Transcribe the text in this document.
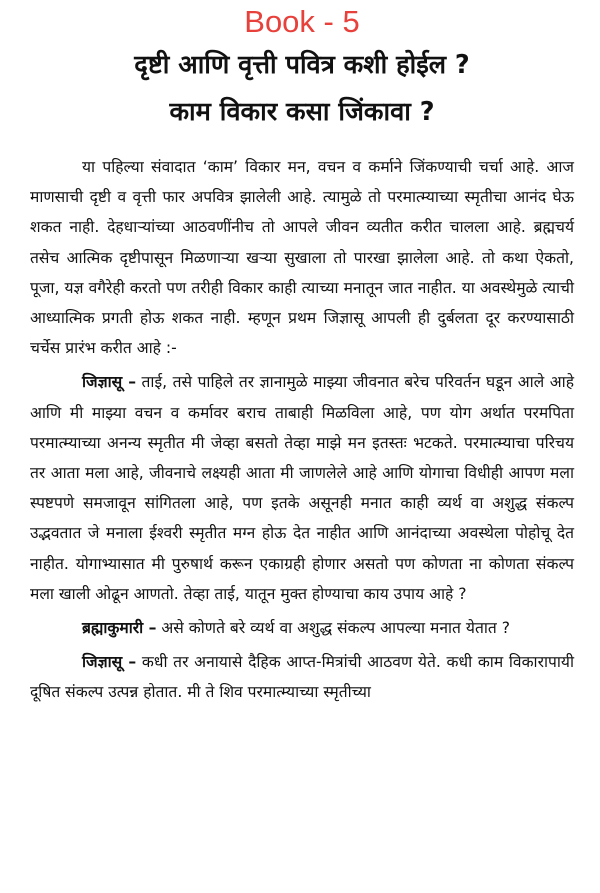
Book - 5
दृष्टी आणि वृत्ती पवित्र कशी होईल ?
काम विकार कसा जिंकावा ?

या पहिल्या संवादात ‘काम’ विकार मन, वचन व कर्माने जिंकण्याची चर्चा आहे. आज माणसाची दृष्टी व वृत्ती फार अपवित्र झालेली आहे. त्यामुळे तो परमात्म्याच्या स्मृतीचा आनंद घेऊ शकत नाही. देहधाऱ्यांच्या आठवणींनीच तो आपले जीवन व्यतीत करीत चालला आहे. ब्रह्मचर्य तसेच आत्मिक दृष्टीपासून मिळणाऱ्या खऱ्या सुखाला तो पारखा झालेला आहे. तो कथा ऐकतो, पूजा, यज्ञ वगैरेही करतो पण तरीही विकार काही त्याच्या मनातून जात नाहीत. या अवस्थेमुळे त्याची आध्यात्मिक प्रगती होऊ शकत नाही. म्हणून प्रथम जिज्ञासू आपली ही दुर्बलता दूर करण्यासाठी चर्चेस प्रारंभ करीत आहे :-

जिज्ञासू – ताई, तसे पाहिले तर ज्ञानामुळे माझ्या जीवनात बरेच परिवर्तन घडून आले आहे आणि मी माझ्या वचन व कर्मावर बराच ताबाही मिळविला आहे, पण योग अर्थात परमपिता परमात्म्याच्या अनन्य स्मृतीत मी जेव्हा बसतो तेव्हा माझे मन इतस्तः भटकते. परमात्म्याचा परिचय तर आता मला आहे, जीवनाचे लक्ष्यही आता मी जाणलेले आहे आणि योगाचा विधीही आपण मला स्पष्टपणे समजावून सांगितला आहे, पण इतके असूनही मनात काही व्यर्थ वा अशुद्ध संकल्प उद्भवतात जे मनाला ईश्वरी स्मृतीत मग्न होऊ देत नाहीत आणि आनंदाच्या अवस्थेला पोहोचू देत नाहीत. योगाभ्यासात मी पुरुषार्थ करून एकाग्रही होणार असतो पण कोणता ना कोणता संकल्प मला खाली ओढून आणतो. तेव्हा ताई, यातून मुक्त होण्याचा काय उपाय आहे ?

ब्रह्माकुमारी – असे कोणते बरे व्यर्थ वा अशुद्ध संकल्प आपल्या मनात येतात ?

जिज्ञासू – कधी तर अनायासे दैहिक आप्त-मित्रांची आठवण येते. कधी काम विकारापायी दूषित संकल्प उत्पन्न होतात. मी ते शिव परमात्म्याच्या स्मृतीच्या
